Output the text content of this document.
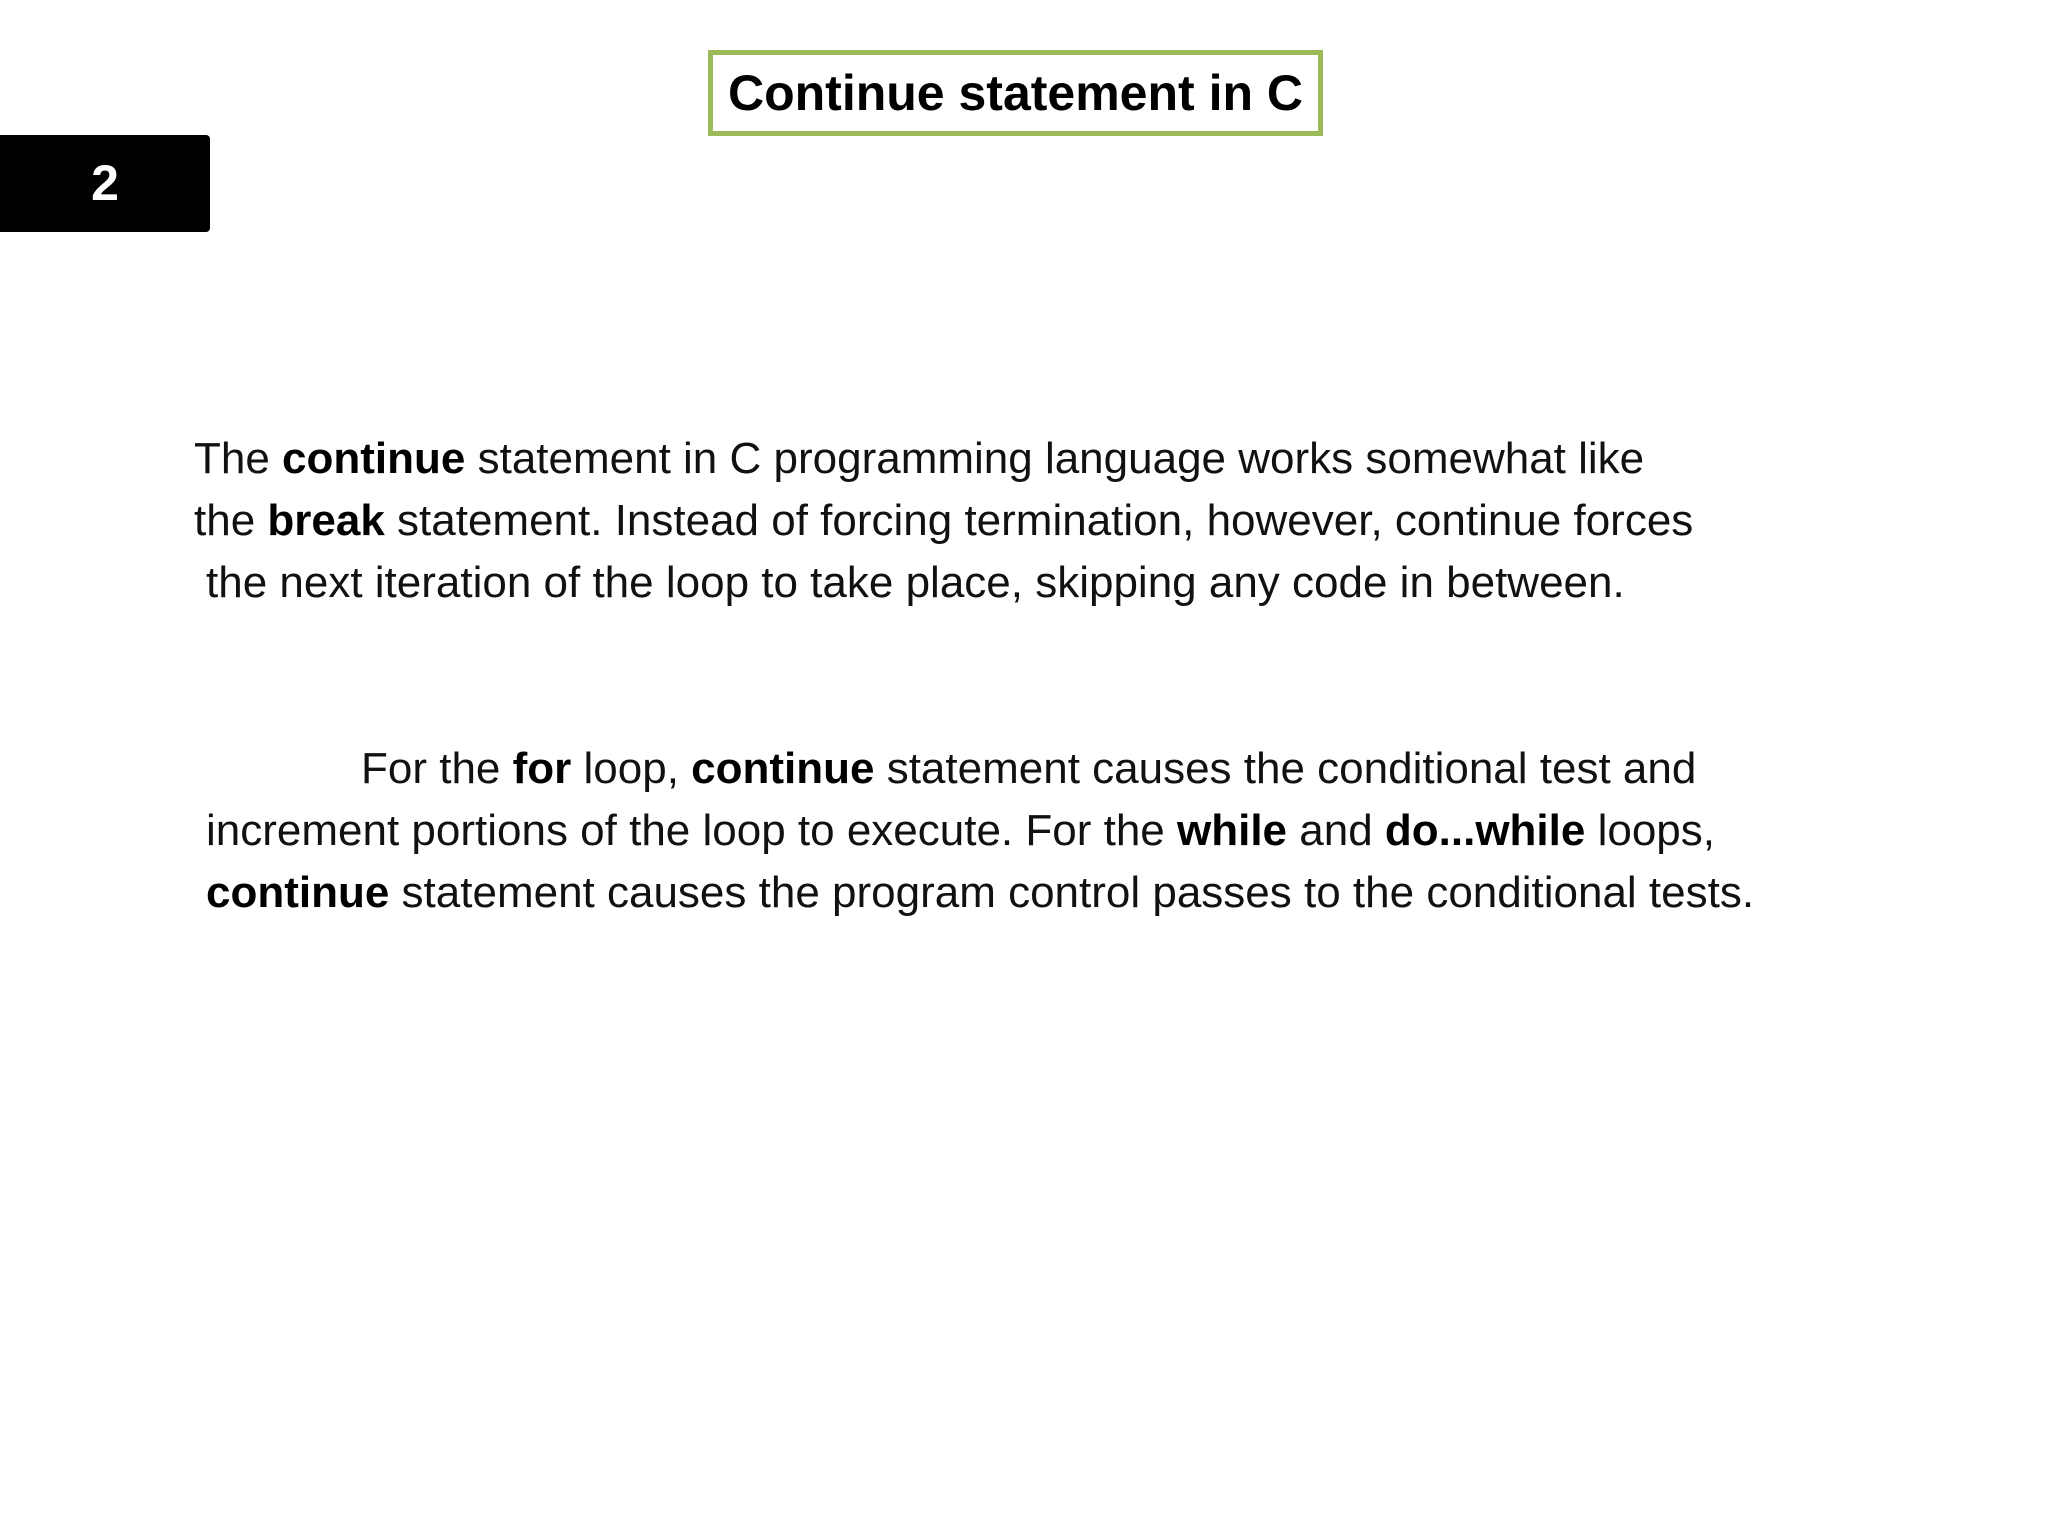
2
Continue statement in C
The continue statement in C programming language works somewhat like
the break statement. Instead of forcing termination, however, continue forces
the next iteration of the loop to take place, skipping any code in between.
For the for loop, continue statement causes the conditional test and
increment portions of the loop to execute. For the while and do...while loops,
continue statement causes the program control passes to the conditional tests.
